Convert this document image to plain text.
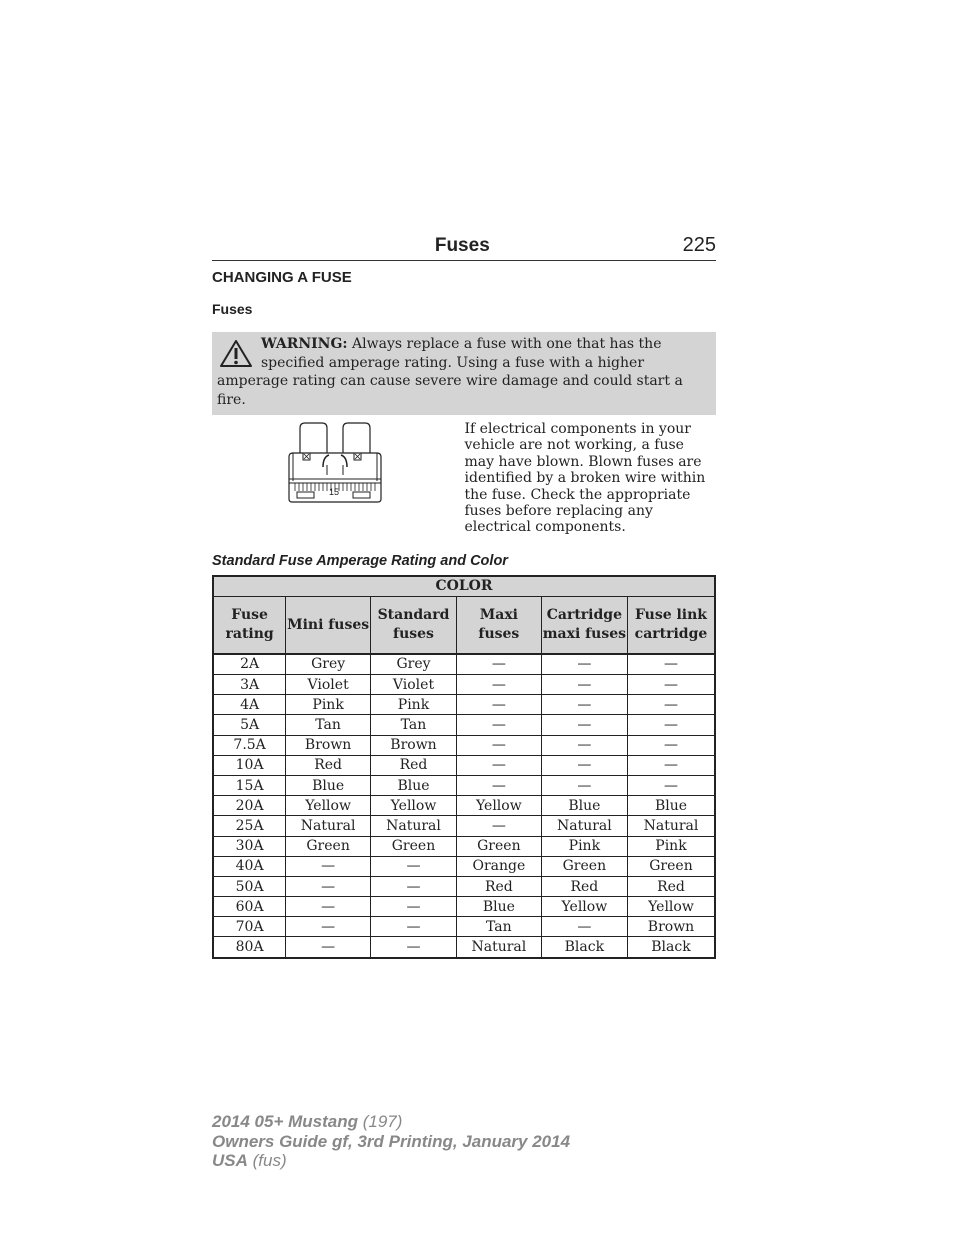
Fuses	225
CHANGING A FUSE
Fuses
WARNING: Always replace a fuse with one that has the specified amperage rating. Using a fuse with a higher amperage rating can cause severe wire damage and could start a fire.
15
If electrical components in your vehicle are not working, a fuse may have blown. Blown fuses are identified by a broken wire within the fuse. Check the appropriate fuses before replacing any electrical components.
Standard Fuse Amperage Rating and Color
COLOR					
Fuse rating	Mini fuses	Standard fuses	Maxi fuses	Cartridge maxi fuses	Fuse link cartridge
2A	Grey	Grey	—	—	—
3A	Violet	Violet	—	—	—
4A	Pink	Pink	—	—	—
5A	Tan	Tan	—	—	—
7.5A	Brown	Brown	—	—	—
10A	Red	Red	—	—	—
15A	Blue	Blue	—	—	—
20A	Yellow	Yellow	Yellow	Blue	Blue
25A	Natural	Natural	—	Natural	Natural
30A	Green	Green	Green	Pink	Pink
40A	—	—	Orange	Green	Green
50A	—	—	Red	Red	Red
60A	—	—	Blue	Yellow	Yellow
70A	—	—	Tan	—	Brown
80A	—	—	Natural	Black	Black
2014 05+ Mustang (197)
Owners Guide gf, 3rd Printing, January 2014
USA (fus)
